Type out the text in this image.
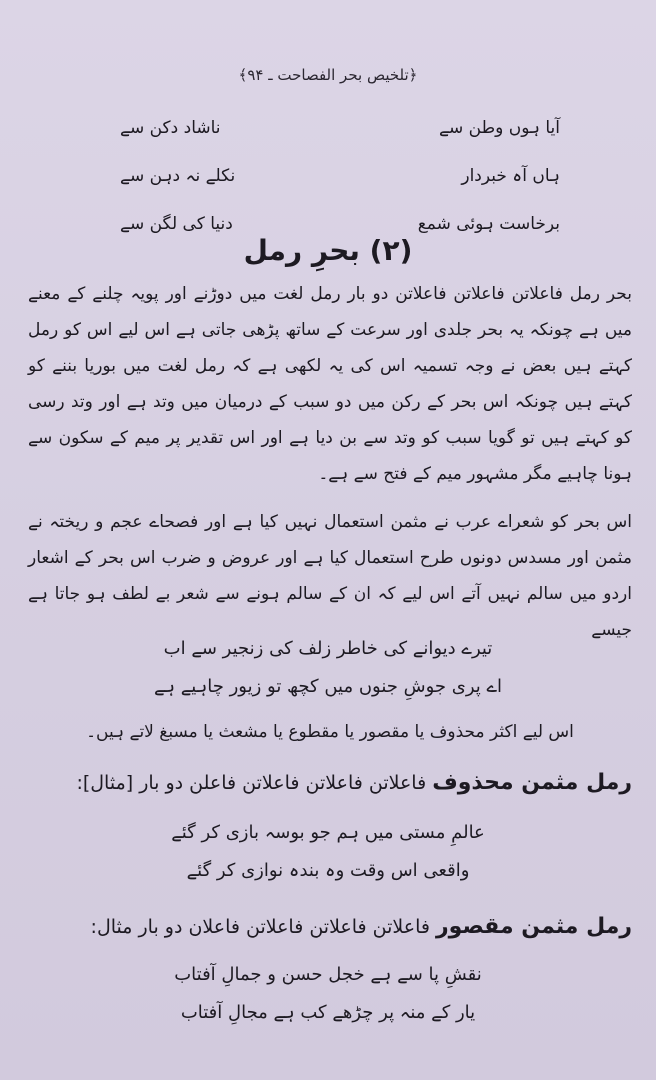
﴿تلخیص بحر الفصاحت ـ ۹۴﴾
آیا ہوں وطن سے
ناشاد دکن سے
ہاں آہ خبردار
نکلے نہ دہن سے
برخاست ہوئی شمع
دنیا کی لگن سے
(۲) بحرِ رمل

بحر رمل فاعلاتن فاعلاتن فاعلاتن دو بار رمل لغت میں دوڑنے اور پویہ چلنے کے معنے میں ہے چونکہ یہ بحر جلدی اور سرعت کے ساتھ پڑھی جاتی ہے اس لیے اس کو رمل کہتے ہیں بعض نے وجہ تسمیہ اس کی یہ لکھی ہے کہ رمل لغت میں بوریا بننے کو کہتے ہیں چونکہ اس بحر کے رکن میں دو سبب کے درمیان میں وتد ہے اور وتد رسی کو کہتے ہیں تو گویا سبب کو وتد سے بن دیا ہے اور اس تقدیر پر میم کے سکون سے ہونا چاہیے مگر مشہور میم کے فتح سے ہے۔

اس بحر کو شعراے عرب نے مثمن استعمال نہیں کیا ہے اور فصحاے عجم و ریختہ نے مثمن اور مسدس دونوں طرح استعمال کیا ہے اور عروض و ضرب اس بحر کے اشعار اردو میں سالم نہیں آتے اس لیے کہ ان کے سالم ہونے سے شعر بے لطف ہو جاتا ہے جیسے

تیرے دیوانے کی خاطر زلف کی زنجیر سے اب
اے پری جوشِ جنوں میں کچھ تو زیور چاہیے ہے

اس لیے اکثر محذوف یا مقصور یا مقطوع یا مشعث یا مسبغ لاتے ہیں۔

رمل مثمن محذوف فاعلاتن فاعلاتن فاعلاتن فاعلن دو بار [مثال]:
عالمِ مستی میں ہم جو بوسہ بازی کر گئے
واقعی اس وقت وہ بندہ نوازی کر گئے
رمل مثمن مقصور فاعلاتن فاعلاتن فاعلاتن فاعلان دو بار مثال:
نقشِ پا سے ہے خجل حسن و جمالِ آفتاب
یار کے منہ پر چڑھے کب ہے مجالِ آفتاب
